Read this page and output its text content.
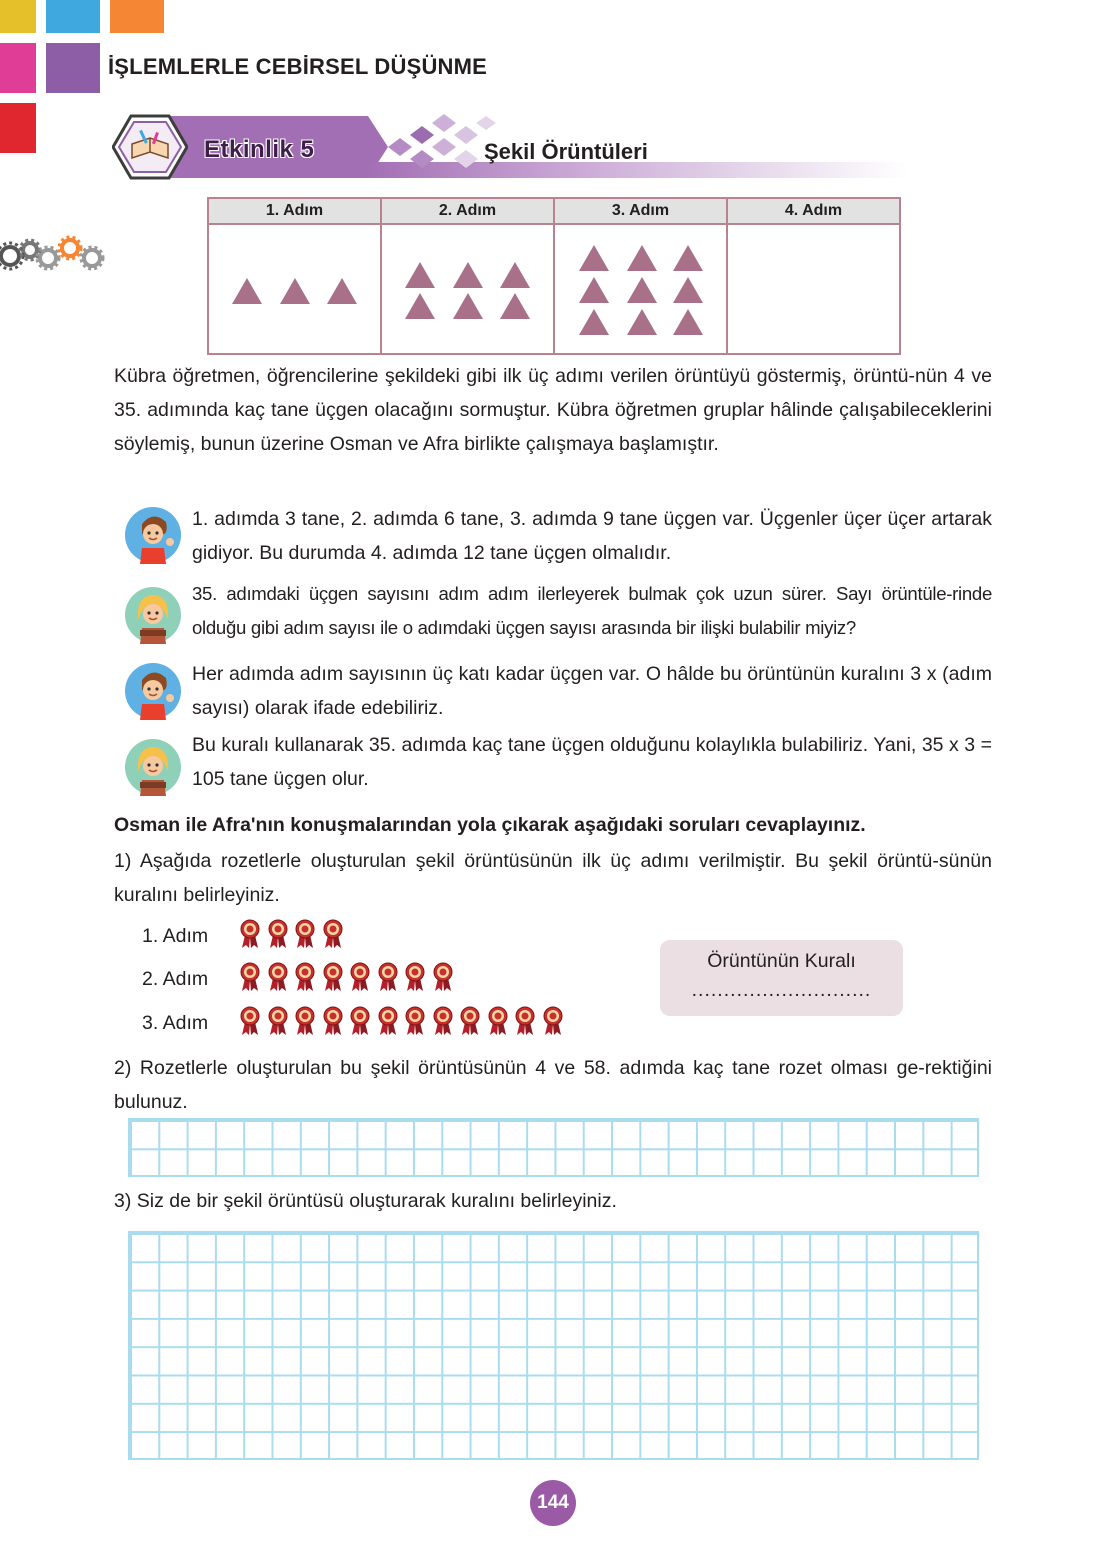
İŞLEMLERLE CEBİRSEL DÜŞÜNME
Etkinlik 5	Şekil Örüntüleri
1. Adım	2. Adım	3. Adım	4. Adım

Kübra öğretmen, öğrencilerine şekildeki gibi ilk üç adımı verilen örüntüyü göstermiş, örüntü-nün 4 ve 35. adımında kaç tane üçgen olacağını sormuştur. Kübra öğretmen gruplar hâlinde çalışabileceklerini söylemiş, bunun üzerine Osman ve Afra birlikte çalışmaya başlamıştır.
1. adımda 3 tane, 2. adımda 6 tane, 3. adımda 9 tane üçgen var. Üçgenler üçer üçer artarak gidiyor. Bu durumda 4. adımda 12 tane üçgen olmalıdır.
35. adımdaki üçgen sayısını adım adım ilerleyerek bulmak çok uzun sürer. Sayı örüntüle-rinde olduğu gibi adım sayısı ile o adımdaki üçgen sayısı arasında bir ilişki bulabilir miyiz?
Her adımda adım sayısının üç katı kadar üçgen var. O hâlde bu örüntünün kuralını 3 x (adım sayısı) olarak ifade edebiliriz.
Bu kuralı kullanarak 35. adımda kaç tane üçgen olduğunu kolaylıkla bulabiliriz. Yani, 35 x 3 = 105 tane üçgen olur.
Osman ile Afra'nın konuşmalarından yola çıkarak aşağıdaki soruları cevaplayınız.
1) Aşağıda rozetlerle oluşturulan şekil örüntüsünün ilk üç adımı verilmiştir. Bu şekil örüntü-sünün kuralını belirleyiniz.
1. Adım
2. Adım
3. Adım
Örüntünün Kuralı
............................
2) Rozetlerle oluşturulan bu şekil örüntüsünün 4 ve 58. adımda kaç tane rozet olması ge-rektiğini bulunuz.
3) Siz de bir şekil örüntüsü oluşturarak kuralını belirleyiniz.
144
